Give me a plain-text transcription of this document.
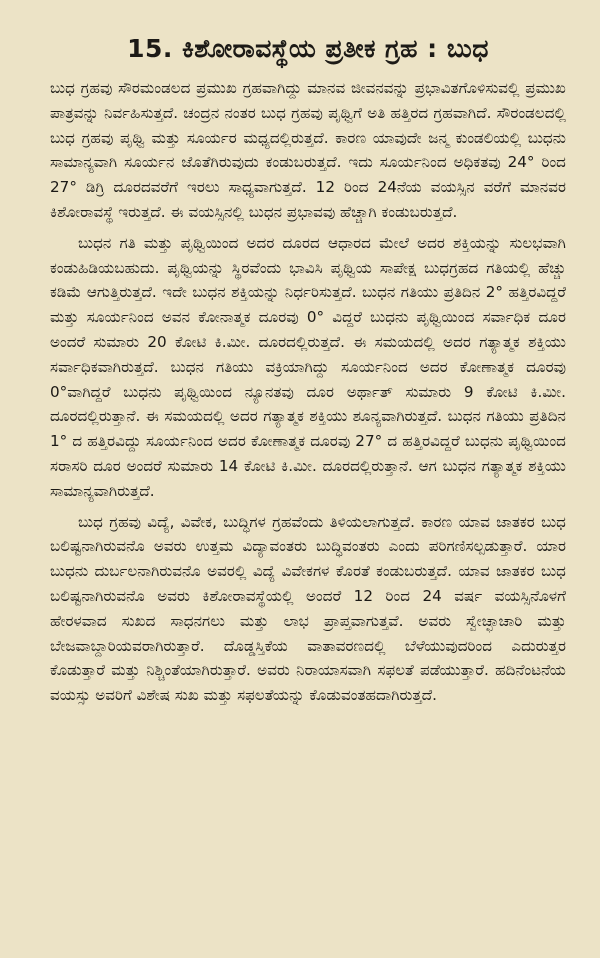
15. ಕಿಶೋರಾವಸ್ಥೆಯ ಪ್ರತೀಕ ಗ್ರಹ : ಬುಧ

ಬುಧ ಗ್ರಹವು ಸೌರಮಂಡಲದ ಪ್ರಮುಖ ಗ್ರಹವಾಗಿದ್ದು ಮಾನವ ಜೀವನವನ್ನು ಪ್ರಭಾವಿತಗೊಳಿಸುವಲ್ಲಿ ಪ್ರಮುಖ ಪಾತ್ರವನ್ನು ನಿರ್ವಹಿಸುತ್ತದೆ. ಚಂದ್ರನ ನಂತರ ಬುಧ ಗ್ರಹವು ಪೃಥ್ವಿಗೆ ಅತಿ ಹತ್ತಿರದ ಗ್ರಹವಾಗಿದೆ. ಸೌರಂಡಲದಲ್ಲಿ ಬುಧ ಗ್ರಹವು ಪೃಥ್ವಿ ಮತ್ತು ಸೂರ್ಯರ ಮಧ್ಯದಲ್ಲಿರುತ್ತದೆ. ಕಾರಣ ಯಾವುದೇ ಜನ್ಮ ಕುಂಡಲಿಯಲ್ಲಿ ಬುಧನು ಸಾಮಾನ್ಯವಾಗಿ ಸೂರ್ಯನ ಜೊತೆಗಿರುವುದು ಕಂಡುಬರುತ್ತದೆ. ಇದು ಸೂರ್ಯನಿಂದ ಅಧಿಕತವು 24° ರಿಂದ 27° ಡಿಗ್ರಿ ದೂರದವರೆಗೆ ಇರಲು ಸಾಧ್ಯವಾಗುತ್ತದೆ. 12 ರಿಂದ 24ನೆಯ ವಯಸ್ಸಿನ ವರೆಗೆ ಮಾನವರ ಕಿಶೋರಾವಸ್ಥೆ ಇರುತ್ತದೆ. ಈ ವಯಸ್ಸಿನಲ್ಲಿ ಬುಧನ ಪ್ರಭಾವವು ಹೆಚ್ಚಾಗಿ ಕಂಡುಬರುತ್ತದೆ.

ಬುಧನ ಗತಿ ಮತ್ತು ಪೃಥ್ವಿಯಿಂದ ಅದರ ದೂರದ ಆಧಾರದ ಮೇಲೆ ಅದರ ಶಕ್ತಿಯನ್ನು ಸುಲಭವಾಗಿ ಕಂಡುಹಿಡಿಯಬಹುದು. ಪೃಥ್ವಿಯನ್ನು ಸ್ಥಿರವೆಂದು ಭಾವಿಸಿ ಪೃಥ್ವಿಯ ಸಾಪೇಕ್ಷ ಬುಧಗ್ರಹದ ಗತಿಯಲ್ಲಿ ಹೆಚ್ಚು ಕಡಿಮೆ ಆಗುತ್ತಿರುತ್ತದೆ. ಇದೇ ಬುಧನ ಶಕ್ತಿಯನ್ನು ನಿರ್ಧರಿಸುತ್ತದೆ. ಬುಧನ ಗತಿಯು ಪ್ರತಿದಿನ 2° ಹತ್ತಿರವಿದ್ದರೆ ಮತ್ತು ಸೂರ್ಯನಿಂದ ಅವನ ಕೋನಾತ್ಮಕ ದೂರವು 0° ವಿದ್ದರೆ ಬುಧನು ಪೃಥ್ವಿಯಿಂದ ಸರ್ವಾಧಿಕ ದೂರ ಅಂದರೆ ಸುಮಾರು 20 ಕೋಟಿ ಕಿ.ಮೀ. ದೂರದಲ್ಲಿರುತ್ತದೆ. ಈ ಸಮಯದಲ್ಲಿ ಅದರ ಗತ್ಯಾತ್ಮಕ ಶಕ್ತಿಯು ಸರ್ವಾಧಿಕವಾಗಿರುತ್ತದೆ. ಬುಧನ ಗತಿಯು ವಕ್ರಿಯಾಗಿದ್ದು ಸೂರ್ಯನಿಂದ ಅದರ ಕೋಣಾತ್ಮಕ ದೂರವು 0°ವಾಗಿದ್ದರೆ ಬುಧನು ಪೃಥ್ವಿಯಿಂದ ನ್ಯೂನತವು ದೂರ ಅರ್ಥಾತ್ ಸುಮಾರು 9 ಕೋಟಿ ಕಿ.ಮೀ. ದೂರದಲ್ಲಿರುತ್ತಾನೆ. ಈ ಸಮಯದಲ್ಲಿ ಅದರ ಗತ್ಯಾತ್ಮಕ ಶಕ್ತಿಯು ಶೂನ್ಯವಾಗಿರುತ್ತದೆ. ಬುಧನ ಗತಿಯು ಪ್ರತಿದಿನ 1° ದ ಹತ್ತಿರವಿದ್ದು ಸೂರ್ಯನಿಂದ ಅದರ ಕೋಣಾತ್ಮಕ ದೂರವು 27° ದ ಹತ್ತಿರವಿದ್ದರೆ ಬುಧನು ಪೃಥ್ವಿಯಿಂದ ಸರಾಸರಿ ದೂರ ಅಂದರೆ ಸುಮಾರು 14 ಕೋಟಿ ಕಿ.ಮೀ. ದೂರದಲ್ಲಿರುತ್ತಾನೆ. ಆಗ ಬುಧನ ಗತ್ಯಾತ್ಮಕ ಶಕ್ತಿಯು ಸಾಮಾನ್ಯವಾಗಿರುತ್ತದೆ.

ಬುಧ ಗ್ರಹವು ವಿದ್ಯೆ, ವಿವೇಕ, ಬುದ್ಧಿಗಳ ಗ್ರಹವೆಂದು ತಿಳಿಯಲಾಗುತ್ತದೆ. ಕಾರಣ ಯಾವ ಜಾತಕರ ಬುಧ ಬಲಿಷ್ಟನಾಗಿರುವನೊ ಅವರು ಉತ್ತಮ ವಿದ್ಯಾವಂತರು ಬುದ್ಧಿವಂತರು ಎಂದು ಪರಿಗಣಿಸಲ್ಪಡುತ್ತಾರೆ. ಯಾರ ಬುಧನು ದುರ್ಬಲನಾಗಿರುವನೊ ಅವರಲ್ಲಿ ವಿದ್ಯೆ ವಿವೇಕಗಳ ಕೊರತೆ ಕಂಡುಬರುತ್ತದೆ. ಯಾವ ಜಾತಕರ ಬುಧ ಬಲಿಷ್ಟನಾಗಿರುವನೊ ಅವರು ಕಿಶೋರಾವಸ್ಥೆಯಲ್ಲಿ ಅಂದರೆ 12 ರಿಂದ 24 ವರ್ಷ ವಯಸ್ಸಿನೊಳಗೆ ಹೇರಳವಾದ ಸುಖದ ಸಾಧನಗಲು ಮತ್ತು ಲಾಭ ಪ್ರಾಪ್ತವಾಗುತ್ತವೆ. ಅವರು ಸ್ವೇಚ್ಛಾಚಾರಿ ಮತ್ತು ಬೇಜವಾಬ್ದಾರಿಯವರಾಗಿರುತ್ತಾರೆ. ದೊಡ್ಡಸ್ತಿಕೆಯ ವಾತಾವರಣದಲ್ಲಿ ಬೆಳೆಯುವುದರಿಂದ ಎದುರುತ್ತರ ಕೊಡುತ್ತಾರೆ ಮತ್ತು ನಿಶ್ಚಿಂತೆಯಾಗಿರುತ್ತಾರೆ. ಅವರು ನಿರಾಯಾಸವಾಗಿ ಸಫಲತೆ ಪಡೆಯುತ್ತಾರೆ. ಹದಿನೆಂಟನೆಯ ವಯಸ್ಸು ಅವರಿಗೆ ವಿಶೇಷ ಸುಖ ಮತ್ತು ಸಫಲತೆಯನ್ನು ಕೊಡುವಂತಹದಾಗಿರುತ್ತದೆ.
